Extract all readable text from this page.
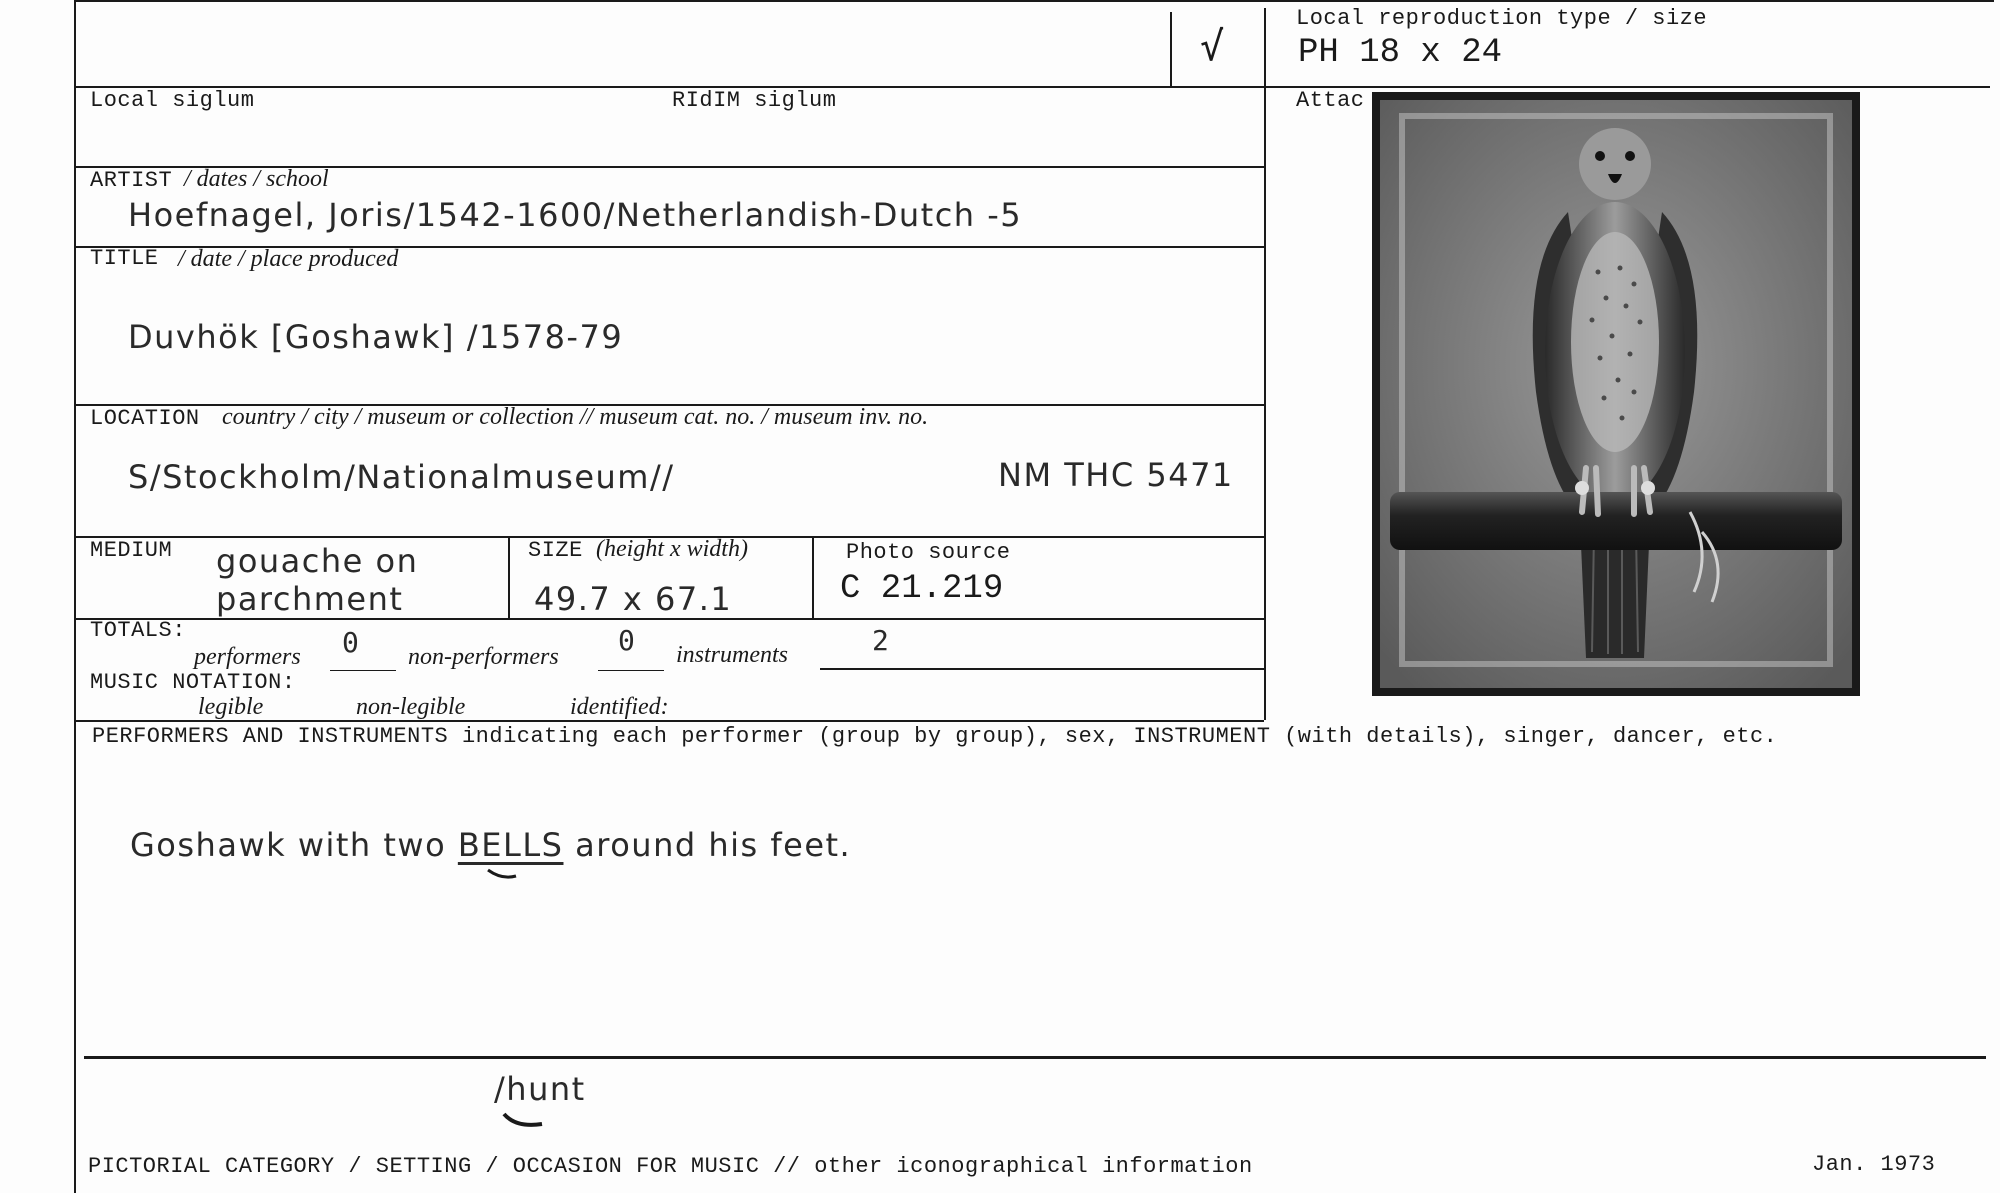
√
Local reproduction type / size
PH 18 x 24
Local siglum	RIdIM siglum	Attac
ARTIST / dates / school
Hoefnagel, Joris/1542-1600/Netherlandish-Dutch -5
TITLE / date / place produced
Duvhök [Goshawk] /1578-79
LOCATION country / city / museum or collection // museum cat. no. / museum inv. no.
S/Stockholm/Nationalmuseum//	NM THC 5471
MEDIUM gouache on
parchment
SIZE (height x width)
49.7 x 67.1
Photo source
C 21.219
TOTALS:
performers 0 non-performers 0 instruments	2
MUSIC NOTATION:
legible	non-legible	identified:
PERFORMERS AND INSTRUMENTS indicating each performer (group by group), sex, INSTRUMENT (with details), singer, dancer, etc.
Goshawk with two BELLS around his feet.
/hunt
PICTORIAL CATEGORY / SETTING / OCCASION FOR MUSIC // other iconographical information	Jan. 1973
